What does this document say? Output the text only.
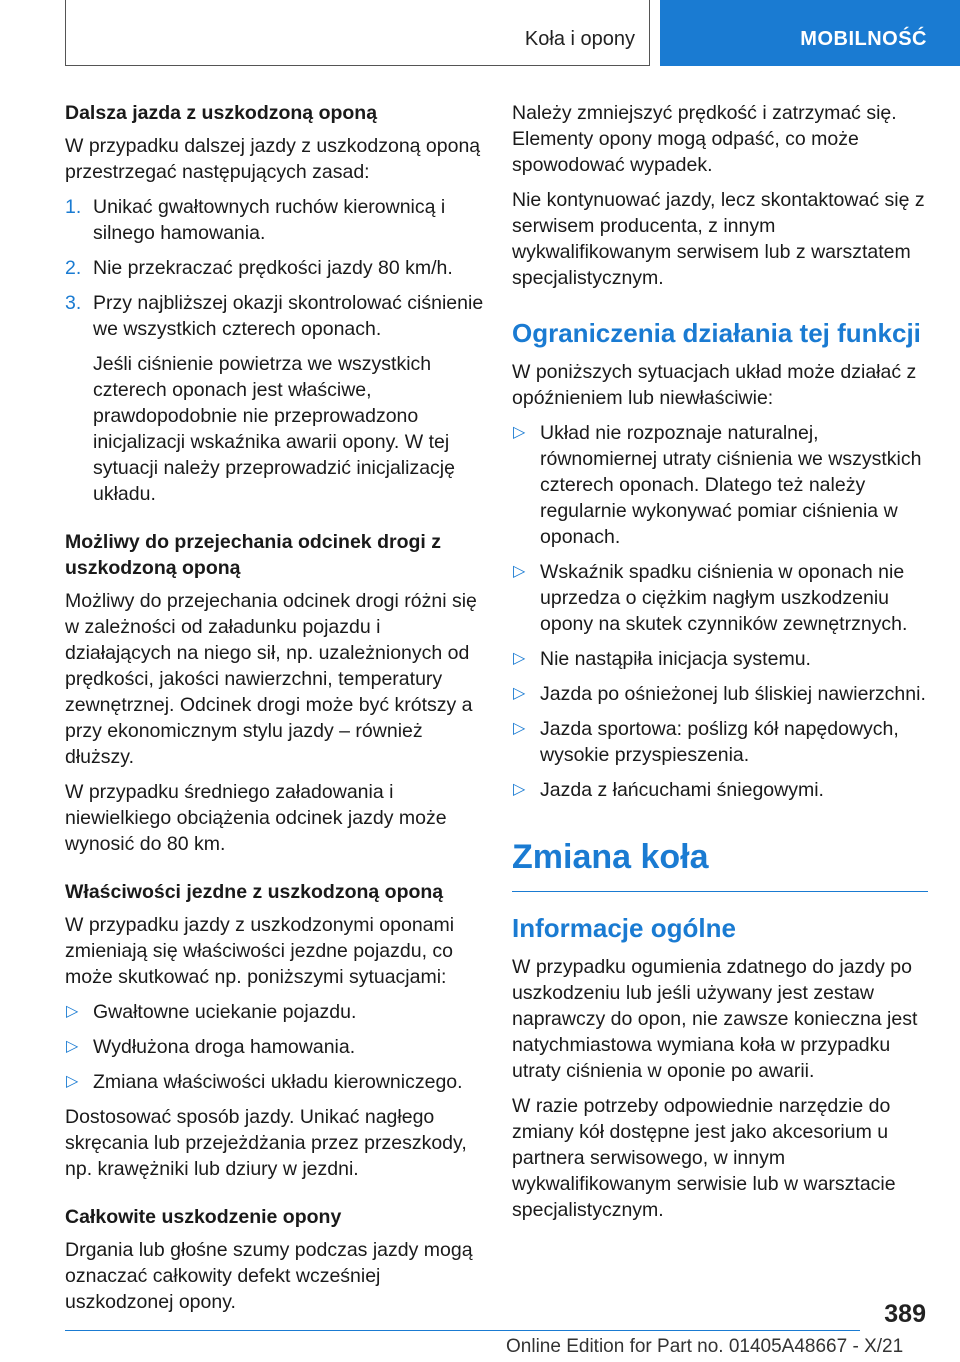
Koła i opony	MOBILNOŚĆ
Dalsza jazda z uszkodzoną oponą

W przypadku dalszej jazdy z uszkodzoną oponą przestrzegać następujących zasad:

1. Unikać gwałtownych ruchów kierownicą i silnego hamowania.
2. Nie przekraczać prędkości jazdy 80 km/h.
3. Przy najbliższej okazji skontrolować ciśnienie we wszystkich czterech oponach.

Jeśli ciśnienie powietrza we wszystkich czterech oponach jest właściwe, prawdopodobnie nie przeprowadzono inicjalizacji wskaźnika awarii opony. W tej sytuacji należy przeprowadzić inicjalizację układu.

Możliwy do przejechania odcinek drogi z uszkodzoną oponą

Możliwy do przejechania odcinek drogi różni się w zależności od załadunku pojazdu i działających na niego sił, np. uzależnionych od prędkości, jakości nawierzchni, temperatury zewnętrznej. Odcinek drogi może być krótszy a przy ekonomicznym stylu jazdy – również dłuższy.

W przypadku średniego załadowania i niewielkiego obciążenia odcinek jazdy może wynosić do 80 km.

Właściwości jezdne z uszkodzoną oponą

W przypadku jazdy z uszkodzonymi oponami zmieniają się właściwości jezdne pojazdu, co może skutkować np. poniższymi sytuacjami:

▷ Gwałtowne uciekanie pojazdu.
▷ Wydłużona droga hamowania.
▷ Zmiana właściwości układu kierowniczego.

Dostosować sposób jazdy. Unikać nagłego skręcania lub przejeżdżania przez przeszkody, np. krawężniki lub dziury w jezdni.

Całkowite uszkodzenie opony

Drgania lub głośne szumy podczas jazdy mogą oznaczać całkowity defekt wcześniej uszkodzonej opony.

Należy zmniejszyć prędkość i zatrzymać się. Elementy opony mogą odpaść, co może spowodować wypadek.

Nie kontynuować jazdy, lecz skontaktować się z serwisem producenta, z innym wykwalifikowanym serwisem lub z warsztatem specjalistycznym.

Ograniczenia działania tej funkcji

W poniższych sytuacjach układ może działać z opóźnieniem lub niewłaściwie:

▷ Układ nie rozpoznaje naturalnej, równomiernej utraty ciśnienia we wszystkich czterech oponach. Dlatego też należy regularnie wykonywać pomiar ciśnienia w oponach.
▷ Wskaźnik spadku ciśnienia w oponach nie uprzedza o ciężkim nagłym uszkodzeniu opony na skutek czynników zewnętrznych.
▷ Nie nastąpiła inicjacja systemu.
▷ Jazda po ośnieżonej lub śliskiej nawierzchni.
▷ Jazda sportowa: poślizg kół napędowych, wysokie przyspieszenia.
▷ Jazda z łańcuchami śniegowymi.
Zmiana koła
Informacje ogólne

W przypadku ogumienia zdatnego do jazdy po uszkodzeniu lub jeśli używany jest zestaw naprawczy do opon, nie zawsze konieczna jest natychmiastowa wymiana koła w przypadku utraty ciśnienia w oponie po awarii.

W razie potrzeby odpowiednie narzędzie do zmiany kół dostępne jest jako akcesorium u partnera serwisowego, w innym wykwalifikowanym serwisie lub w warsztacie specjalistycznym.

389
Online Edition for Part no. 01405A48667 - X/21
